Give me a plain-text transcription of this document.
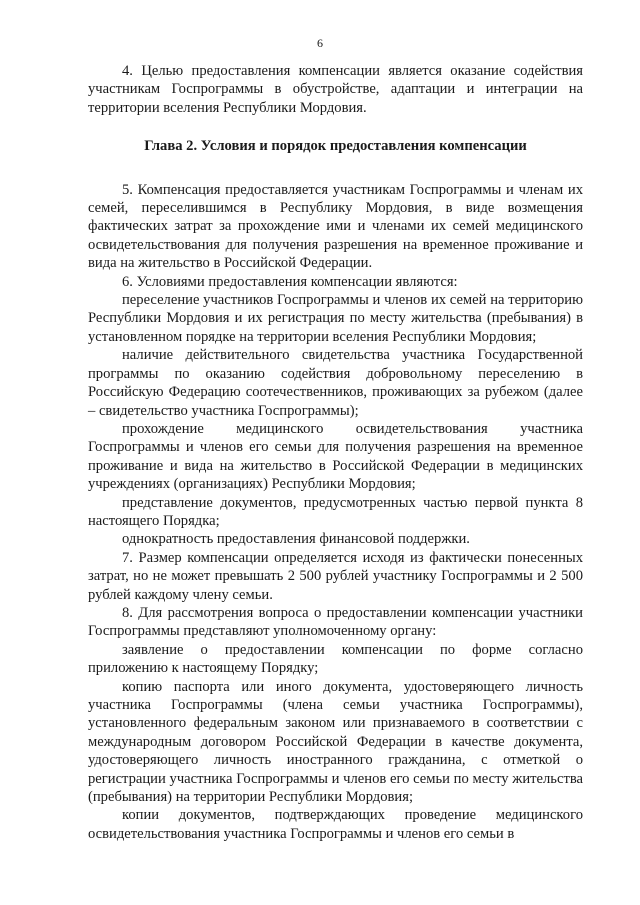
6

4. Целью предоставления компенсации является оказание содействия участникам Госпрограммы в обустройстве, адаптации и интеграции на территории вселения Республики Мордовия.

Глава 2. Условия и порядок предоставления компенсации

5. Компенсация предоставляется участникам Госпрограммы и членам их семей, переселившимся в Республику Мордовия, в виде возмещения фактических затрат за прохождение ими и членами их семей медицинского освидетельствования для получения разрешения на временное проживание и вида на жительство в Российской Федерации.

6. Условиями предоставления компенсации являются:

переселение участников Госпрограммы и членов их семей на территорию Республики Мордовия и их регистрация по месту жительства (пребывания) в установленном порядке на территории вселения Республики Мордовия;

наличие действительного свидетельства участника Государственной программы по оказанию содействия добровольному переселению в Российскую Федерацию соотечественников, проживающих за рубежом (далее – свидетельство участника Госпрограммы);

прохождение медицинского освидетельствования участника Госпрограммы и членов его семьи для получения разрешения на временное проживание и вида на жительство в Российской Федерации в медицинских учреждениях (организациях) Республики Мордовия;

представление документов, предусмотренных частью первой пункта 8 настоящего Порядка;

однократность предоставления финансовой поддержки.

7. Размер компенсации определяется исходя из фактически понесенных затрат, но не может превышать 2 500 рублей участнику Госпрограммы и 2 500 рублей каждому члену семьи.

8. Для рассмотрения вопроса о предоставлении компенсации участники Госпрограммы представляют уполномоченному органу:

заявление о предоставлении компенсации по форме согласно приложению к настоящему Порядку;

копию паспорта или иного документа, удостоверяющего личность участника Госпрограммы (члена семьи участника Госпрограммы), установленного федеральным законом или признаваемого в соответствии с международным договором Российской Федерации в качестве документа, удостоверяющего личность иностранного гражданина, с отметкой о регистрации участника Госпрограммы и членов его семьи по месту жительства (пребывания) на территории Республики Мордовия;

копии документов, подтверждающих проведение медицинского освидетельствования участника Госпрограммы и членов его семьи в
